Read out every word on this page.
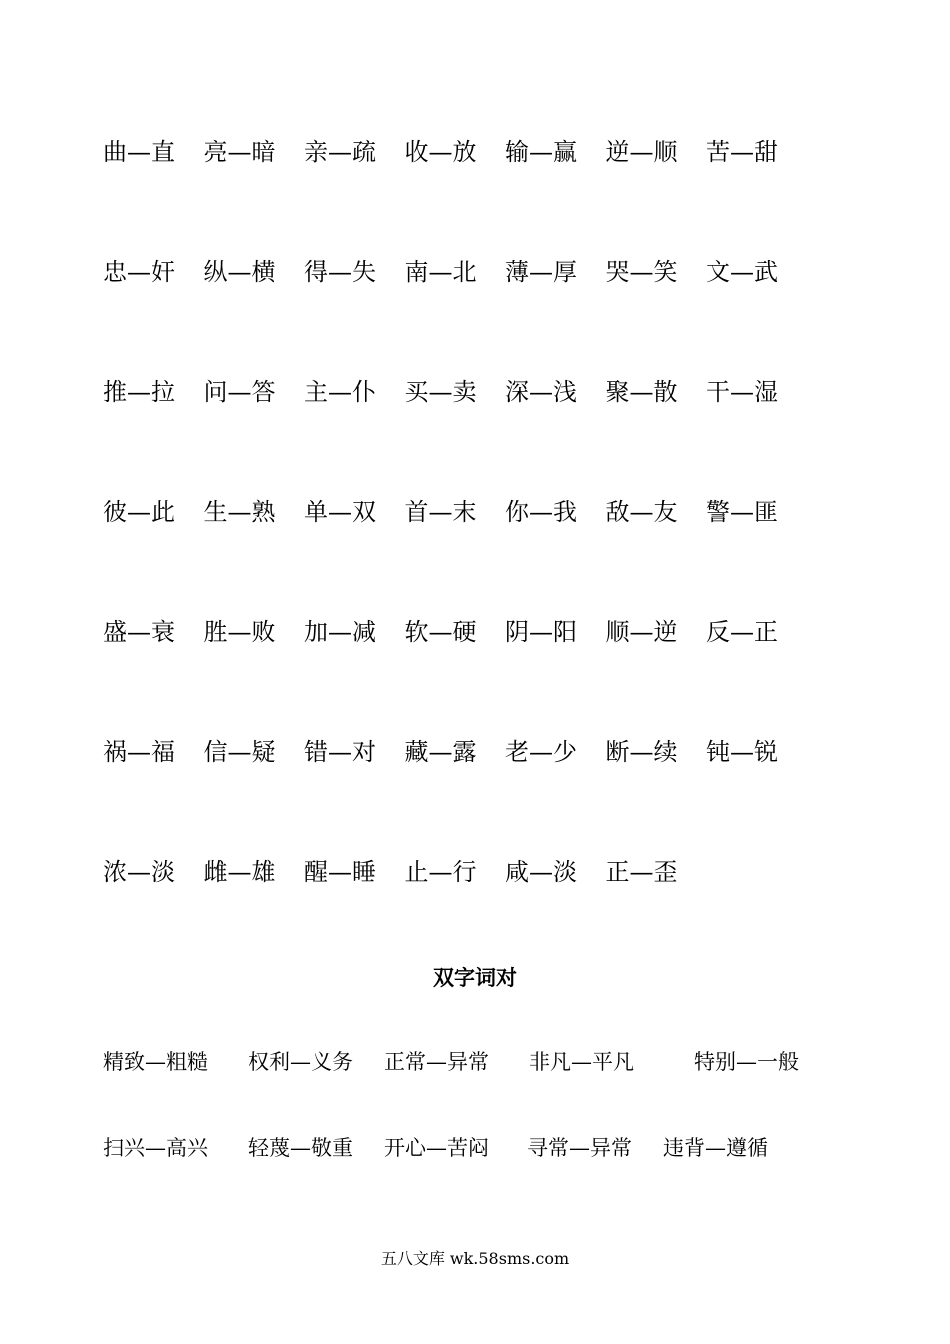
曲—直	亮—暗	亲—疏	收—放	输—赢	逆—顺	苦—甜
忠—奸	纵—横	得—失	南—北	薄—厚	哭—笑	文—武
推—拉	问—答	主—仆	买—卖	深—浅	聚—散	干—湿
彼—此	生—熟	单—双	首—末	你—我	敌—友	警—匪
盛—衰	胜—败	加—减	软—硬	阴—阳	顺—逆	反—正
祸—福	信—疑	错—对	藏—露	老—少	断—续	钝—锐
浓—淡	雌—雄	醒—睡	止—行	咸—淡	正—歪
双字词对
精致—粗糙 权利—义务 正常—异常 非凡—平凡	特别—一般
扫兴—高兴 轻蔑—敬重 开心—苦闷 寻常—异常 违背—遵循
五八文库 wk.58sms.com
